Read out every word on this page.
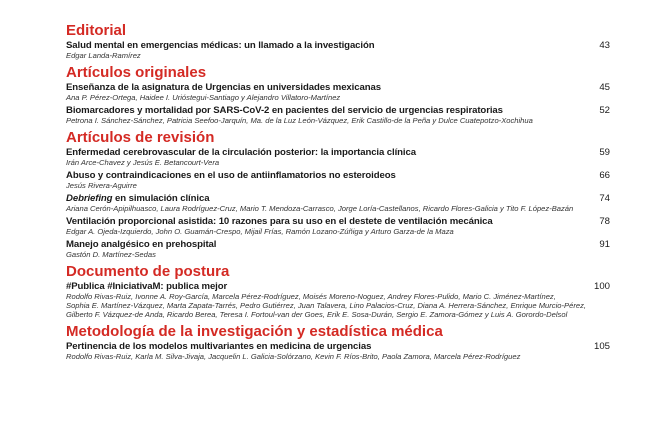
Editorial
Salud mental en emergencias médicas: un llamado a la investigación
Edgar Landa-Ramírez
43
Artículos originales
Enseñanza de la asignatura de Urgencias en universidades mexicanas
Ana P. Pérez-Ortega, Haidee I. Urióstegui-Santiago y Alejandro Villatoro-Martínez
45
Biomarcadores y mortalidad por SARS-CoV-2 en pacientes del servicio de urgencias respiratorias
Petrona I. Sánchez-Sánchez, Patricia Seefoo-Jarquín, Ma. de la Luz León-Vázquez, Erik Castillo-de la Peña y Dulce Cuatepotzo-Xochihua
52
Artículos de revisión
Enfermedad cerebrovascular de la circulación posterior: la importancia clínica
Irán Arce-Chavez y Jesús E. Betancourt-Vera
59
Abuso y contraindicaciones en el uso de antiinflamatorios no esteroideos
Jesús Rivera-Aguirre
66
Debriefing en simulación clínica
Ariana Cerón-Apipilhuasco, Laura Rodríguez-Cruz, Mario T. Mendoza-Carrasco, Jorge Loría-Castellanos, Ricardo Flores-Galicia y Tito F. López-Bazán
74
Ventilación proporcional asistida: 10 razones para su uso en el destete de ventilación mecánica
Edgar A. Ojeda-Izquierdo, John O. Guamán-Crespo, Mijail Frías, Ramón Lozano-Zúñiga y Arturo Garza-de la Maza
78
Manejo analgésico en prehospital
Gastón D. Martínez-Sedas
91
Documento de postura
#Publica #IniciativaM: publica mejor
Rodolfo Rivas-Ruiz, Ivonne A. Roy-García, Marcela Pérez-Rodríguez, Moisés Moreno-Noguez, Andrey Flores-Pulido, Mario C. Jiménez-Martínez,
Sophia E. Martínez-Vázquez, Marta Zapata-Tarrés, Pedro Gutiérrez, Juan Talavera, Lino Palacios-Cruz, Diana A. Herrera-Sánchez, Enrique Murcio-Pérez,
Gilberto F. Vázquez-de Anda, Ricardo Berea, Teresa I. Fortoul-van der Goes, Erik E. Sosa-Durán, Sergio E. Zamora-Gómez y Luis A. Gorordo-Delsol
100
Metodología de la investigación y estadística médica
Pertinencia de los modelos multivariantes en medicina de urgencias
Rodolfo Rivas-Ruiz, Karla M. Silva-Jivaja, Jacquelin L. Galicia-Solórzano, Kevin F. Ríos-Brito, Paola Zamora, Marcela Pérez-Rodríguez
105
